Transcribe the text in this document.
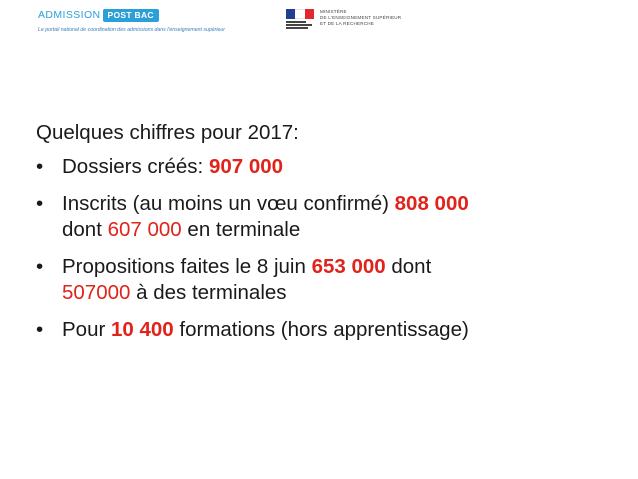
ADMISSION POST BAC
Le portail national de coordination des admissions dans l'enseignement supérieur
MINISTÈRE
DE L'ENSEIGNEMENT SUPÉRIEUR
ET DE LA RECHERCHE

Quelques chiffres pour 2017:

• Dossiers créés: 907 000
• Inscrits (au moins un vœu confirmé) 808 000
dont 607 000 en terminale
• Propositions faites le 8 juin 653 000 dont
507000 à des terminales
• Pour 10 400 formations (hors apprentissage)
